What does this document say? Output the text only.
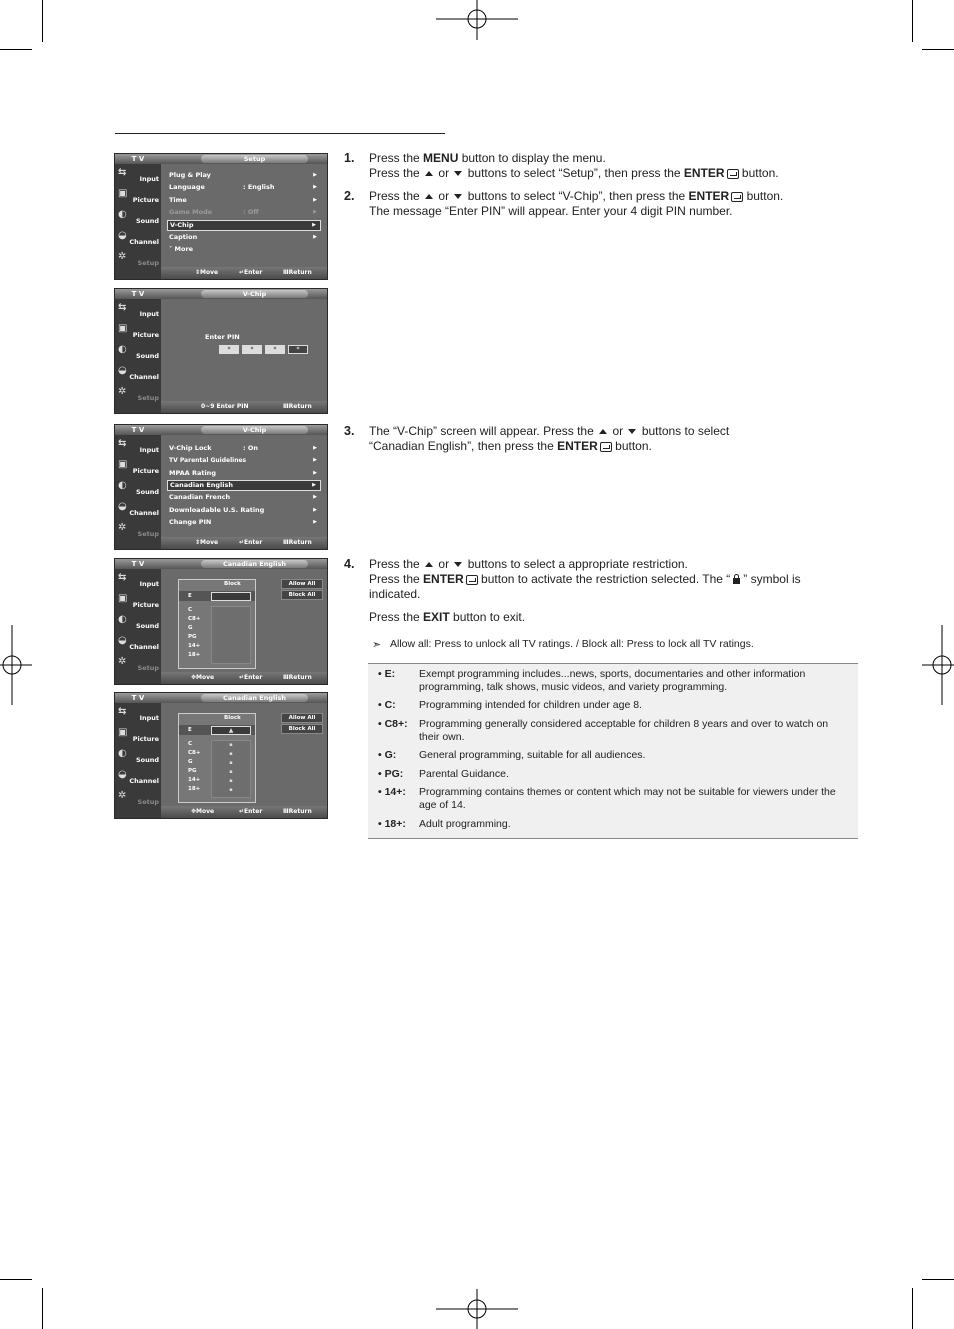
T V	Setup
⇆
Input
▣
Picture
◐
Sound
◒
Channel
✲
Setup
Plug & Play	▶
Language	: English	▶
Time	▶
Game Mode	: Off	▶
V-Chip	▶
Caption	▶
˅ More
⇕Move	↵Enter	ⅢReturn
T V	V-Chip
⇆
Input
▣
Picture
◐
Sound
◒
Channel
✲
Setup
Enter PIN
*	*	*	*
0~9 Enter PIN	ⅢReturn
T V	V-Chip
⇆
Input
▣
Picture
◐
Sound
◒
Channel
✲
Setup
V-Chip Lock	: On	▶
TV Parental Guidelines	▶
MPAA Rating	▶
Canadian English	▶
Canadian French	▶
Downloadable U.S. Rating	▶
Change PIN	▶
⇕Move	↵Enter	ⅢReturn
T V	Canadian English
⇆
Input
▣
Picture
◐
Sound
◒
Channel
✲
Setup
Block
E
C
C8+
G
PG
14+
18+
Allow All
Block All
✥Move	↵Enter	ⅢReturn
T V	Canadian English
⇆
Input
▣
Picture
◐
Sound
◒
Channel
✲
Setup
Block
E	▲
C
C8+
G
PG
14+
18+
▪
▪
▪
▪
▪
▪
Allow All
Block All
✥Move	↵Enter	ⅢReturn
1. Press the MENU button to display the menu.
Press the or buttons to select “Setup”, then press the ENTER button.
2. Press the or buttons to select “V-Chip”, then press the ENTER button.
The message “Enter PIN” will appear. Enter your 4 digit PIN number.
3. The “V-Chip” screen will appear. Press the or buttons to select
“Canadian English”, then press the ENTER button.
4. Press the or buttons to select a appropriate restriction.
Press the ENTER button to activate the restriction selected. The “ ” symbol is
indicated.
Press the EXIT button to exit.
➣ Allow all: Press to unlock all TV ratings. / Block all: Press to lock all TV ratings.
• E: Exempt programming includes...news, sports, documentaries and other information programming, talk shows, music videos, and variety programming.
• C: Programming intended for children under age 8.
• C8+: Programming generally considered acceptable for children 8 years and over to watch on their own.
• G: General programming, suitable for all audiences.
• PG: Parental Guidance.
• 14+: Programming contains themes or content which may not be suitable for viewers under the age of 14.
• 18+: Adult programming.
